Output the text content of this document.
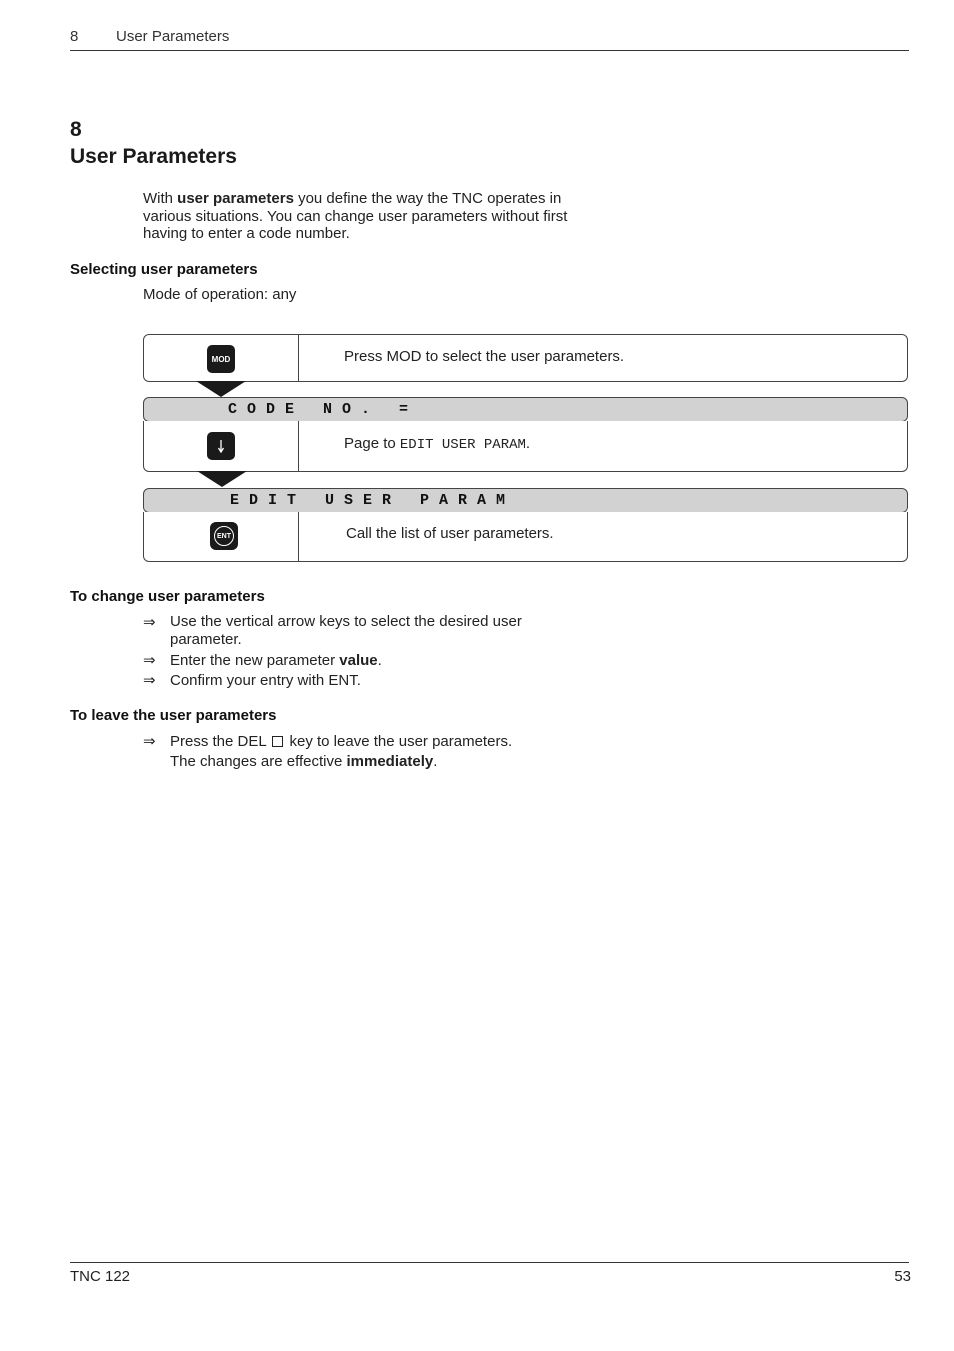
8	User Parameters
8
User Parameters
With user parameters you define the way the TNC operates in
various situations. You can change user parameters without first
having to enter a code number.
Selecting user parameters
Mode of operation: any
MOD	Press MOD to select the user parameters.
CODE NO. =
Page to EDIT USER PARAM.
EDIT USER PARAM
ENT	Call the list of user parameters.
To change user parameters
⇒ Use the vertical arrow keys to select the desired user
parameter.
⇒ Enter the new parameter value.
⇒ Confirm your entry with ENT.
To leave the user parameters
⇒ Press the DEL  key to leave the user parameters.
The changes are effective immediately.
TNC 122	53
